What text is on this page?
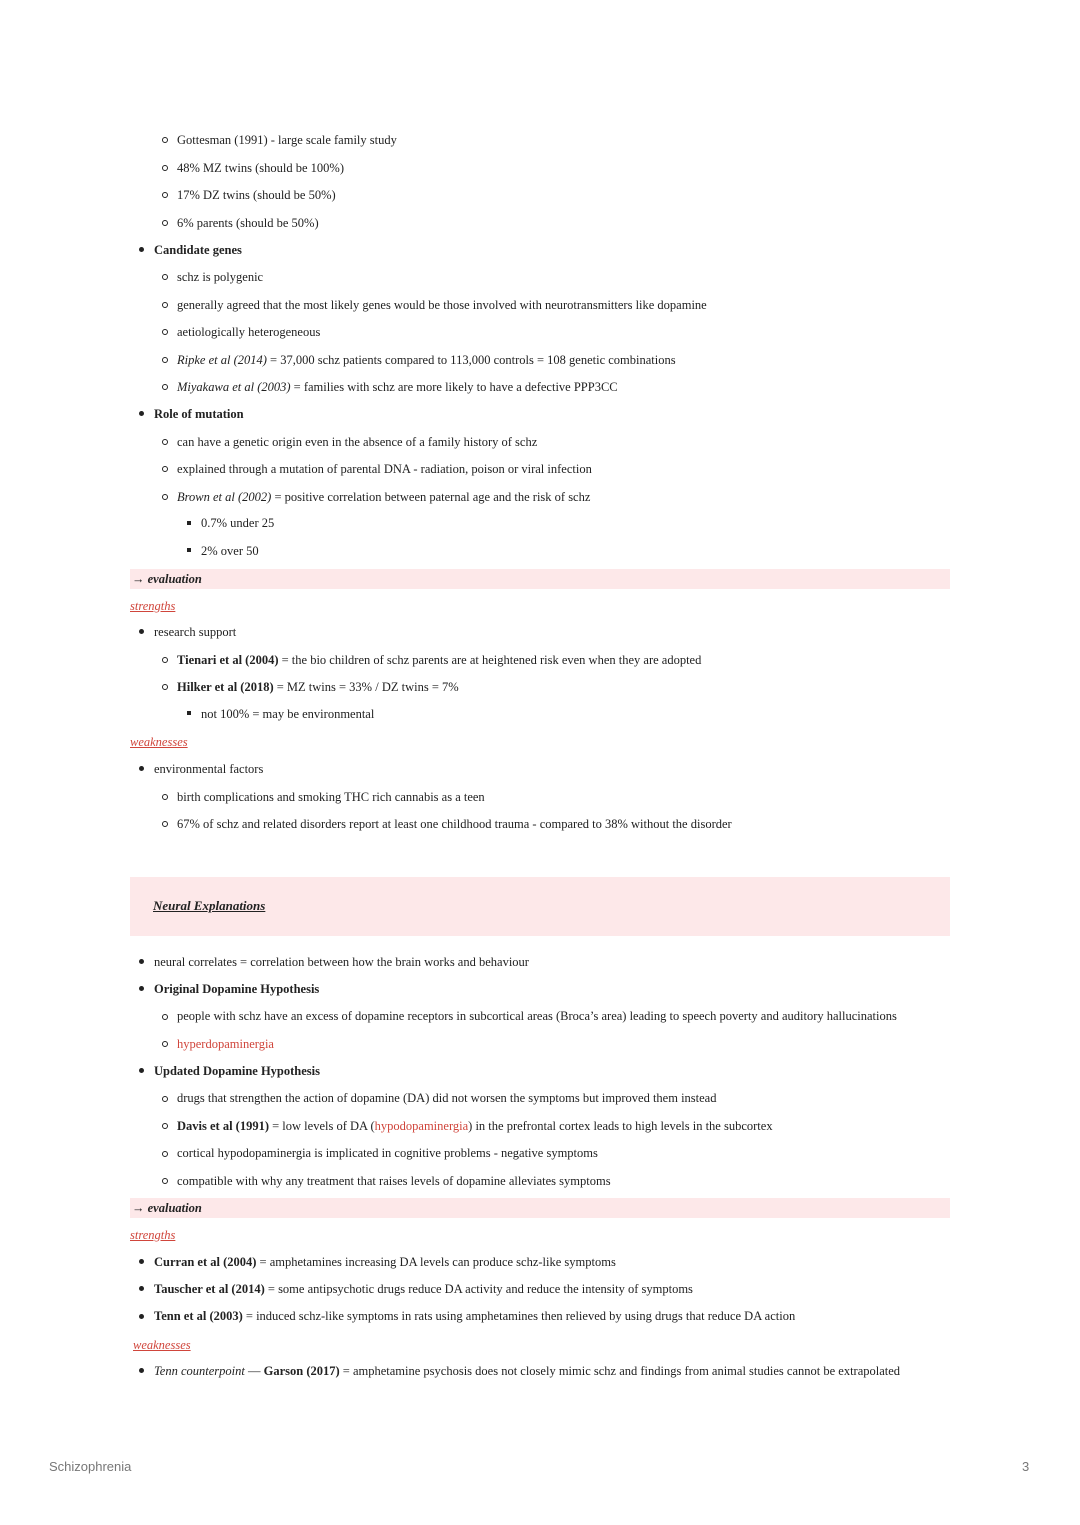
Gottesman (1991) - large scale family study
48% MZ twins (should be 100%)
17% DZ twins (should be 50%)
6% parents (should be 50%)
Candidate genes
schz is polygenic
generally agreed that the most likely genes would be those involved with neurotransmitters like dopamine
aetiologically heterogeneous
Ripke et al (2014) = 37,000 schz patients compared to 113,000 controls = 108 genetic combinations
Miyakawa et al (2003) = families with schz are more likely to have a defective PPP3CC
Role of mutation
can have a genetic origin even in the absence of a family history of schz
explained through a mutation of parental DNA - radiation, poison or viral infection
Brown et al (2002) = positive correlation between paternal age and the risk of schz
0.7% under 25
2% over 50
→ evaluation
strengths
research support
Tienari et al (2004) = the bio children of schz parents are at heightened risk even when they are adopted
Hilker et al (2018) = MZ twins = 33% / DZ twins = 7%
not 100% = may be environmental
weaknesses
environmental factors
birth complications and smoking THC rich cannabis as a teen
67% of schz and related disorders report at least one childhood trauma - compared to 38% without the disorder
Neural Explanations
neural correlates = correlation between how the brain works and behaviour
Original Dopamine Hypothesis
people with schz have an excess of dopamine receptors in subcortical areas (Broca’s area) leading to speech poverty and auditory hallucinations
hyperdopaminergia
Updated Dopamine Hypothesis
drugs that strengthen the action of dopamine (DA) did not worsen the symptoms but improved them instead
Davis et al (1991) = low levels of DA (hypodopaminergia) in the prefrontal cortex leads to high levels in the subcortex
cortical hypodopaminergia is implicated in cognitive problems - negative symptoms
compatible with why any treatment that raises levels of dopamine alleviates symptoms
→ evaluation
strengths
Curran et al (2004) = amphetamines increasing DA levels can produce schz-like symptoms
Tauscher et al (2014) = some antipsychotic drugs reduce DA activity and reduce the intensity of symptoms
Tenn et al (2003) = induced schz-like symptoms in rats using amphetamines then relieved by using drugs that reduce DA action
weaknesses
Tenn counterpoint — Garson (2017) = amphetamine psychosis does not closely mimic schz and findings from animal studies cannot be extrapolated
Schizophrenia	3
